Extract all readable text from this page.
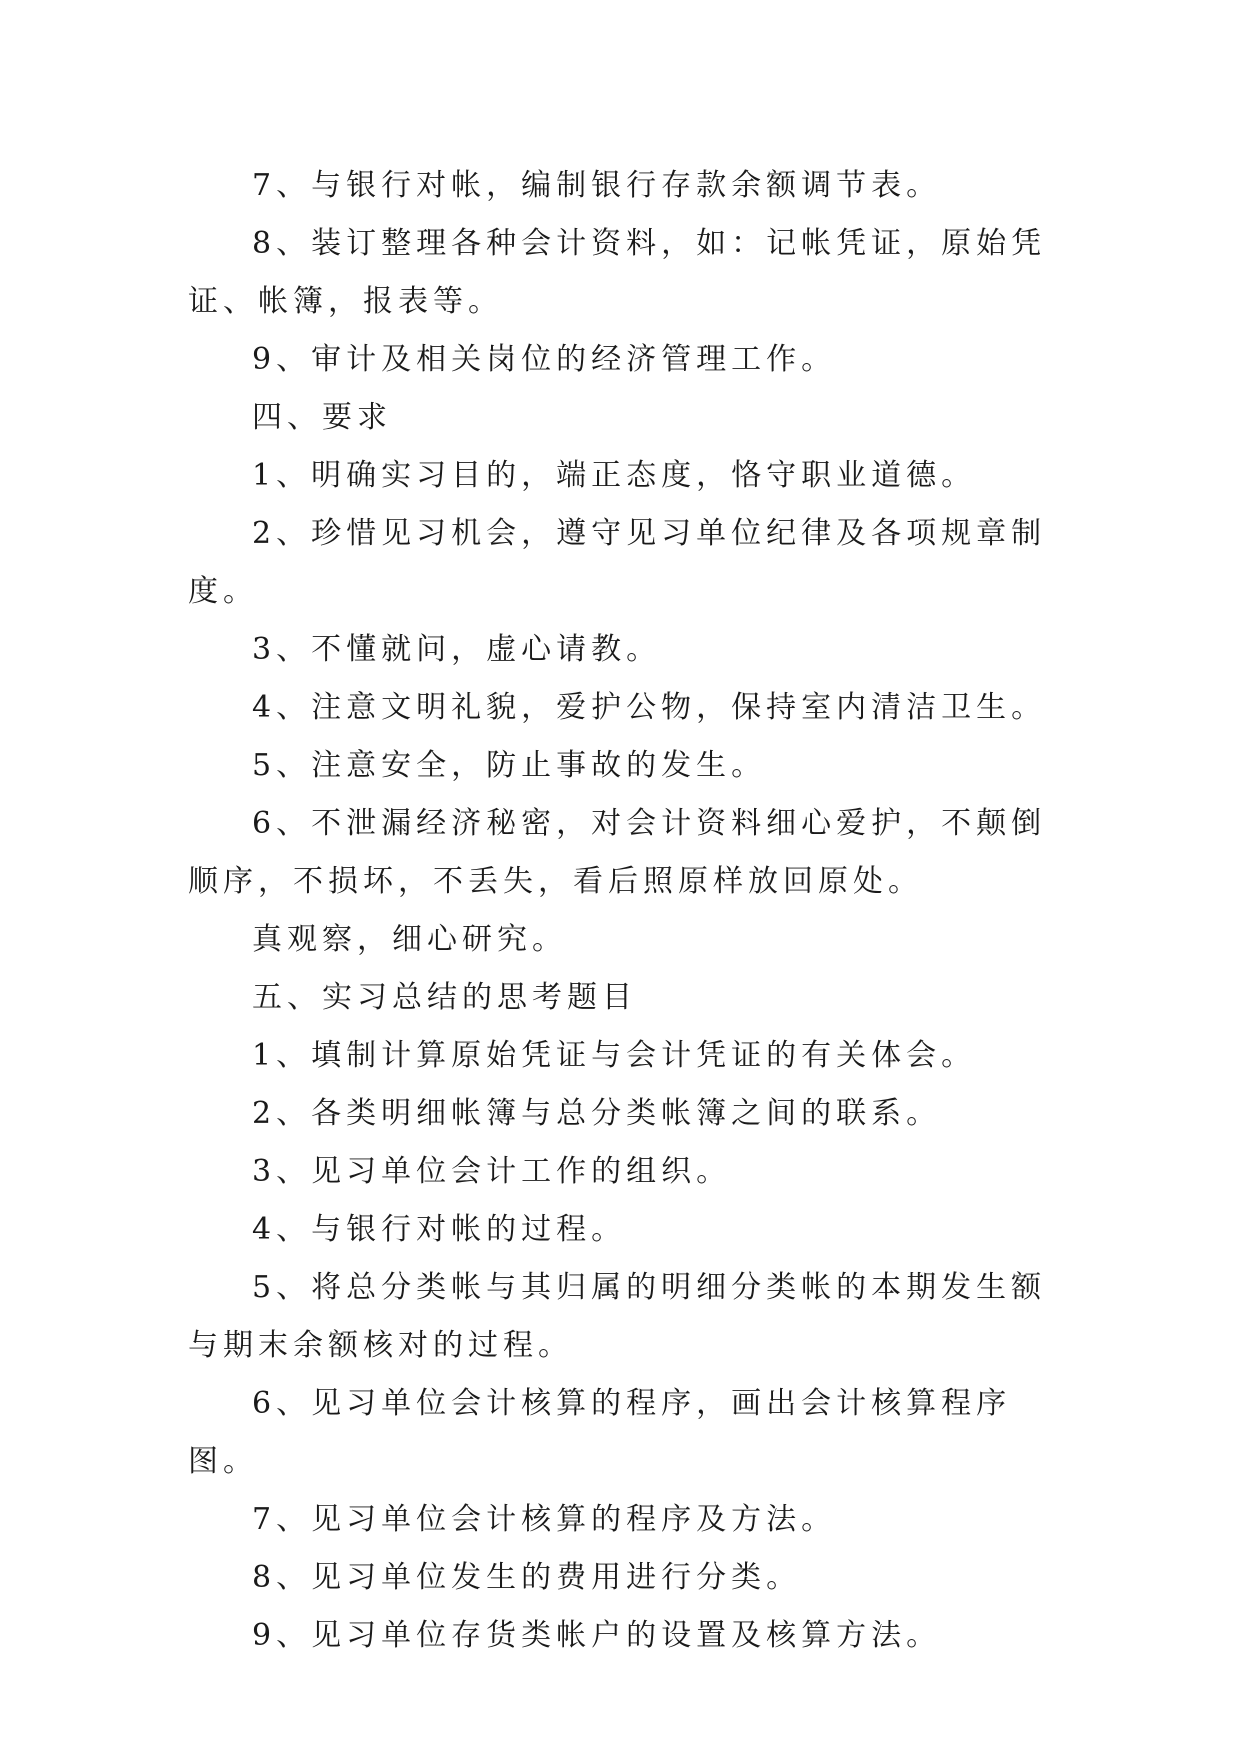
7、与银行对帐，编制银行存款余额调节表。

8、装订整理各种会计资料，如：记帐凭证，原始凭证、帐簿，报表等。

9、审计及相关岗位的经济管理工作。

四、要求

1、明确实习目的，端正态度，恪守职业道德。

2、珍惜见习机会，遵守见习单位纪律及各项规章制度。

3、不懂就问，虚心请教。

4、注意文明礼貌，爱护公物，保持室内清洁卫生。

5、注意安全，防止事故的发生。

6、不泄漏经济秘密，对会计资料细心爱护，不颠倒顺序，不损坏，不丢失，看后照原样放回原处。

真观察，细心研究。

五、实习总结的思考题目

1、填制计算原始凭证与会计凭证的有关体会。

2、各类明细帐簿与总分类帐簿之间的联系。

3、见习单位会计工作的组织。

4、与银行对帐的过程。

5、将总分类帐与其归属的明细分类帐的本期发生额与期末余额核对的过程。

6、见习单位会计核算的程序，画出会计核算程序图。

7、见习单位会计核算的程序及方法。

8、见习单位发生的费用进行分类。

9、见习单位存货类帐户的设置及核算方法。
